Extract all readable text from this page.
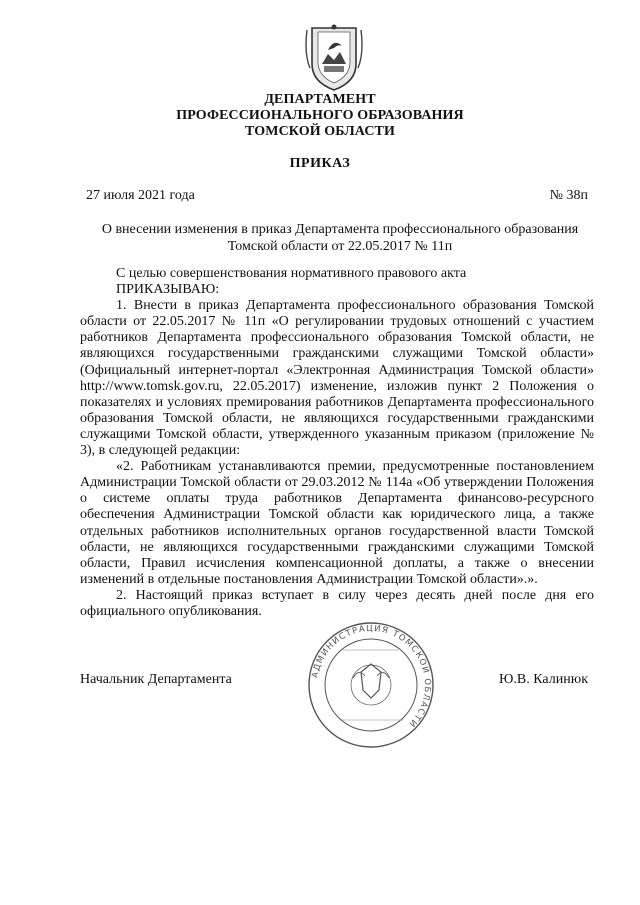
ДЕПАРТАМЕНТ
ПРОФЕССИОНАЛЬНОГО ОБРАЗОВАНИЯ
ТОМСКОЙ ОБЛАСТИ
ПРИКАЗ
27 июля 2021 года	№ 38п
О внесении изменения в приказ Департамента профессионального образования
Томской области от 22.05.2017 № 11п

С целью совершенствования нормативного правового акта

ПРИКАЗЫВАЮ:

1. Внести в приказ Департамента профессионального образования Томской области от 22.05.2017 № 11п «О регулировании трудовых отношений с участием работников Департамента профессионального образования Томской области, не являющихся государственными гражданскими служащими Томской области» (Официальный интернет-портал «Электронная Администрация Томской области» http://www.tomsk.gov.ru, 22.05.2017) изменение, изложив пункт 2 Положения о показателях и условиях премирования работников Департамента профессионального образования Томской области, не являющихся государственными гражданскими служащими Томской области, утвержденного указанным приказом (приложение № 3), в следующей редакции:

«2. Работникам устанавливаются премии, предусмотренные постановлением Администрации Томской области от 29.03.2012 № 114а «Об утверждении Положения о системе оплаты труда работников Департамента финансово-ресурсного обеспечения Администрации Томской области как юридического лица, а также отдельных работников исполнительных органов государственной власти Томской области, не являющихся государственными гражданскими служащими Томской области, Правил исчисления компенсационной доплаты, а также о внесении изменений в отдельные постановления Администрации Томской области».».

2. Настоящий приказ вступает в силу через десять дней после дня его официального опубликования.

АДМИНИСТРАЦИЯ ТОМСКОЙ ОБЛАСТИ
Начальник Департамента	Ю.В. Калинюк
